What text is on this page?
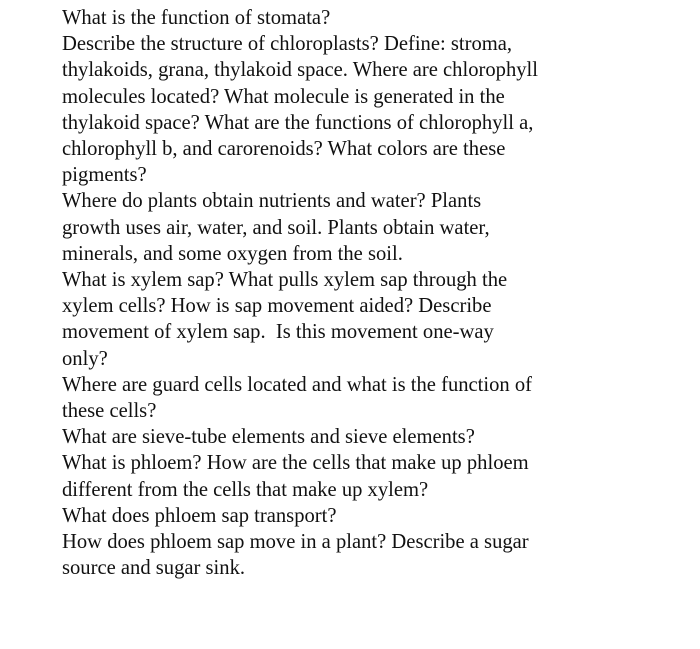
What is the function of stomata?

Describe the structure of chloroplasts? Define: stroma,
thylakoids, grana, thylakoid space. Where are chlorophyll
molecules located? What molecule is generated in the
thylakoid space? What are the functions of chlorophyll a,
chlorophyll b, and carorenoids? What colors are these
pigments?

Where do plants obtain nutrients and water? Plants
growth uses air, water, and soil. Plants obtain water,
minerals, and some oxygen from the soil.

What is xylem sap? What pulls xylem sap through the
xylem cells? How is sap movement aided? Describe
movement of xylem sap.  Is this movement one-way
only?

Where are guard cells located and what is the function of
these cells?

What are sieve-tube elements and sieve elements?

What is phloem? How are the cells that make up phloem
different from the cells that make up xylem?

What does phloem sap transport?

How does phloem sap move in a plant? Describe a sugar
source and sugar sink.
